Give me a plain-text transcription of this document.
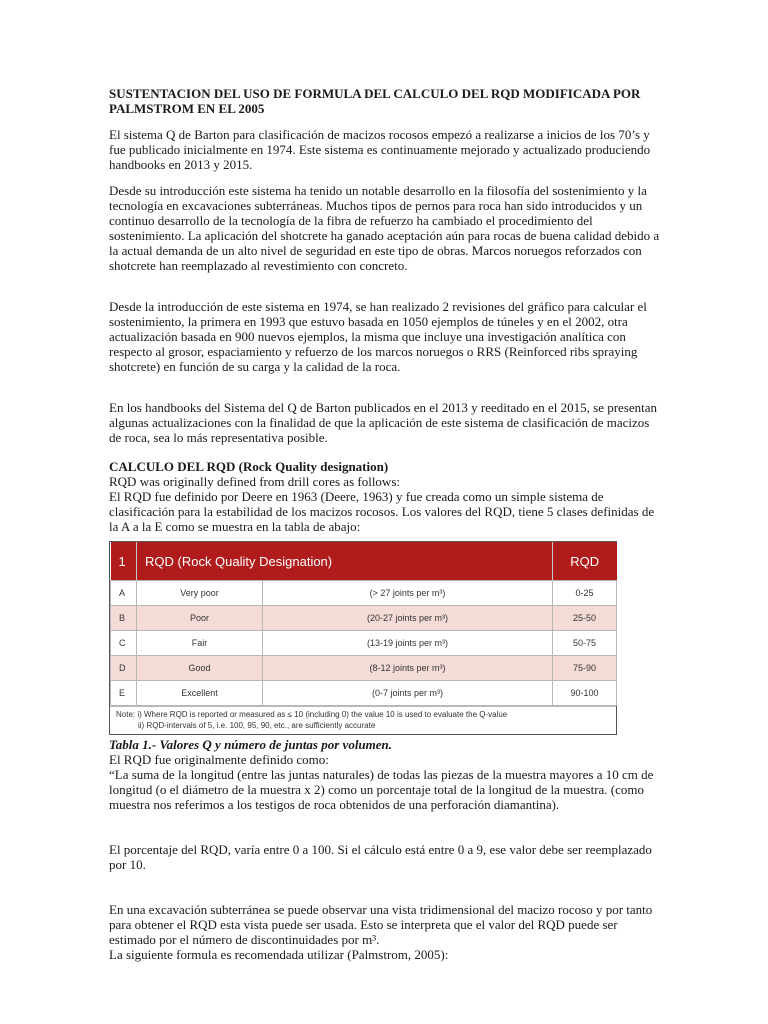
SUSTENTACION DEL USO DE FORMULA DEL CALCULO DEL RQD MODIFICADA POR PALMSTROM EN EL 2005

El sistema Q de Barton para clasificación de macizos rocosos empezó a realizarse a inicios de los 70’s y fue publicado inicialmente en 1974. Este sistema es continuamente mejorado y actualizado produciendo handbooks en 2013 y 2015.

Desde su introducción este sistema ha tenido un notable desarrollo en la filosofía del sostenimiento y la tecnología en excavaciones subterráneas. Muchos tipos de pernos para roca han sido introducidos y un continuo desarrollo de la tecnología de la fibra de refuerzo ha cambiado el procedimiento del sostenimiento. La aplicación del shotcrete ha ganado aceptación aún para rocas de buena calidad debido a la actual demanda de un alto nivel de seguridad en este tipo de obras. Marcos noruegos reforzados con shotcrete han reemplazado al revestimiento con concreto.

Desde la introducción de este sistema en 1974, se han realizado 2 revisiones del gráfico para calcular el sostenimiento, la primera en 1993 que estuvo basada en 1050 ejemplos de túneles y en el 2002, otra actualización basada en 900 nuevos ejemplos, la misma que incluye una investigación analítica con respecto al grosor, espaciamiento y refuerzo de los marcos noruegos o RRS (Reinforced ribs spraying shotcrete) en función de su carga y la calidad de la roca.

En los handbooks del Sistema del Q de Barton publicados en el 2013 y reeditado en el 2015, se presentan algunas actualizaciones con la finalidad de que la aplicación de este sistema de clasificación de macizos de roca, sea lo más representativa posible.

CALCULO DEL RQD (Rock Quality designation)

RQD was originally defined from drill cores as follows:

El RQD fue definido por Deere en 1963 (Deere, 1963) y fue creada como un simple sistema de clasificación para la estabilidad de los macizos rocosos. Los valores del RQD, tiene 5 clases definidas de la A a la E como se muestra en la tabla de abajo:

1	RQD (Rock Quality Designation)		RQD
A	Very poor	(> 27 joints per m³)	0-25
B	Poor	(20-27 joints per m³)	25-50
C	Fair	(13-19 joints per m³)	50-75
D	Good	(8-12 joints per m³)	75-90
E	Excellent	(0-7 joints per m³)	90-100
Note: i) Where RQD is reported or measured as ≤ 10 (including 0) the value 10 is used to evaluate the Q-value
ii) RQD-intervals of 5, i.e. 100, 95, 90, etc., are sufficiently accurate

Tabla 1.- Valores Q y número de juntas por volumen.

El RQD fue originalmente definido como:

“La suma de la longitud (entre las juntas naturales) de todas las piezas de la muestra mayores a 10 cm de longitud (o el diámetro de la muestra x 2) como un porcentaje total de la longitud de la muestra. (como muestra nos referimos a los testigos de roca obtenidos de una perforación diamantina).

El porcentaje del RQD, varía entre 0 a 100. Si el cálculo está entre 0 a 9, ese valor debe ser reemplazado por 10.

En una excavación subterránea se puede observar una vista tridimensional del macizo rocoso y por tanto para obtener el RQD esta vista puede ser usada. Esto se interpreta que el valor del RQD puede ser estimado por el número de discontinuidades por m³.

La siguiente formula es recomendada utilizar (Palmstrom, 2005):
